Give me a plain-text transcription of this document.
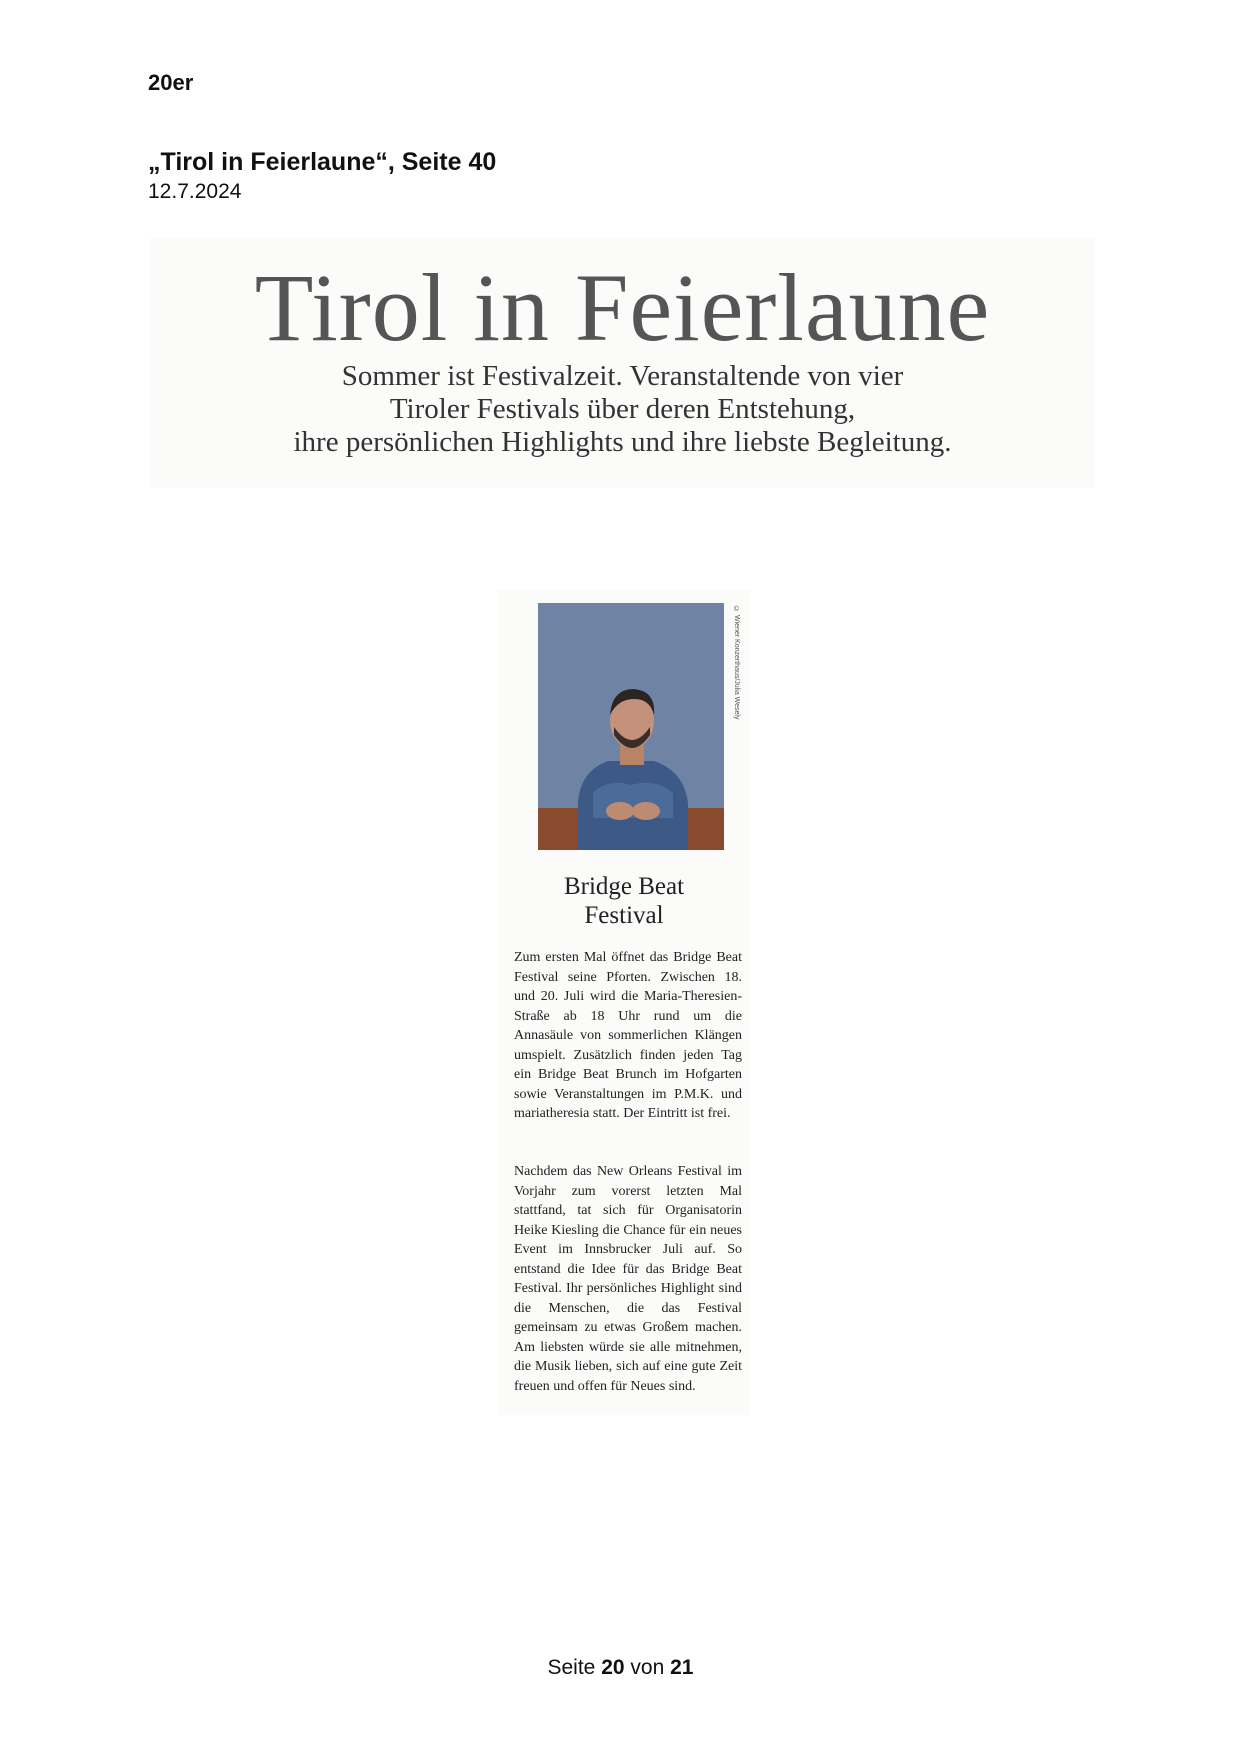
20er
„Tirol in Feierlaune“, Seite 40
12.7.2024
Tirol in Feierlaune
Sommer ist Festivalzeit. Veranstaltende von vier
Tiroler Festivals über deren Entstehung,
ihre persönlichen Highlights und ihre liebste Begleitung.
© Wiener Konzerthaus/Julia Wesely
Bridge Beat
Festival
Zum ersten Mal öffnet das Bridge Beat Festival seine Pforten. Zwischen 18. und 20. Juli wird die Maria-Theresien-Straße ab 18 Uhr rund um die Annasäule von sommerlichen Klängen umspielt. Zusätzlich finden jeden Tag ein Bridge Beat Brunch im Hofgarten sowie Veranstaltungen im P.M.K. und mariatheresia statt. Der Eintritt ist frei.
Nachdem das New Orleans Festival im Vorjahr zum vorerst letzten Mal stattfand, tat sich für Organisatorin Heike Kiesling die Chance für ein neues Event im Innsbrucker Juli auf. So entstand die Idee für das Bridge Beat Festival. Ihr persönliches Highlight sind die Menschen, die das Festival gemeinsam zu etwas Großem machen. Am liebsten würde sie alle mitnehmen, die Musik lieben, sich auf eine gute Zeit freuen und offen für Neues sind.
Seite 20 von 21
